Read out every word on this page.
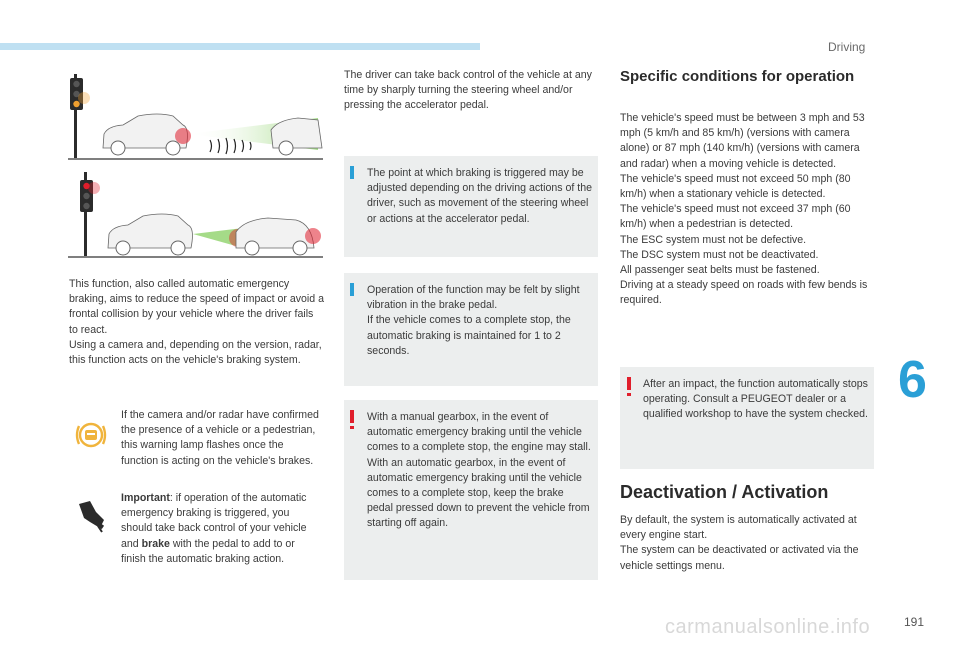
Driving
6
191
carmanualsonline.info
This function, also called automatic emergency braking, aims to reduce the speed of impact or avoid a frontal collision by your vehicle where the driver fails to react.
Using a camera and, depending on the version, radar, this function acts on the vehicle's braking system.
If the camera and/or radar have confirmed the presence of a vehicle or a pedestrian, this warning lamp flashes once the function is acting on the vehicle's brakes.
Important: if operation of the automatic emergency braking is triggered, you should take back control of your vehicle and brake with the pedal to add to or finish the automatic braking action.
The driver can take back control of the vehicle at any time by sharply turning the steering wheel and/or pressing the accelerator pedal.
The point at which braking is triggered may be adjusted depending on the driving actions of the driver, such as movement of the steering wheel or actions at the accelerator pedal.
Operation of the function may be felt by slight vibration in the brake pedal.
If the vehicle comes to a complete stop, the automatic braking is maintained for 1 to 2 seconds.
With a manual gearbox, in the event of automatic emergency braking until the vehicle comes to a complete stop, the engine may stall.
With an automatic gearbox, in the event of automatic emergency braking until the vehicle comes to a complete stop, keep the brake pedal pressed down to prevent the vehicle from starting off again.
Specific conditions for operation
The vehicle's speed must be between 3 mph and 53 mph (5 km/h and 85 km/h) (versions with camera alone) or 87 mph (140 km/h) (versions with camera and radar) when a moving vehicle is detected.
The vehicle's speed must not exceed 50 mph (80 km/h) when a stationary vehicle is detected.
The vehicle's speed must not exceed 37 mph (60 km/h) when a pedestrian is detected.
The ESC system must not be defective.
The DSC system must not be deactivated.
All passenger seat belts must be fastened.
Driving at a steady speed on roads with few bends is required.
After an impact, the function automatically stops operating. Consult a PEUGEOT dealer or a qualified workshop to have the system checked.
Deactivation / Activation
By default, the system is automatically activated at every engine start.
The system can be deactivated or activated via the vehicle settings menu.
